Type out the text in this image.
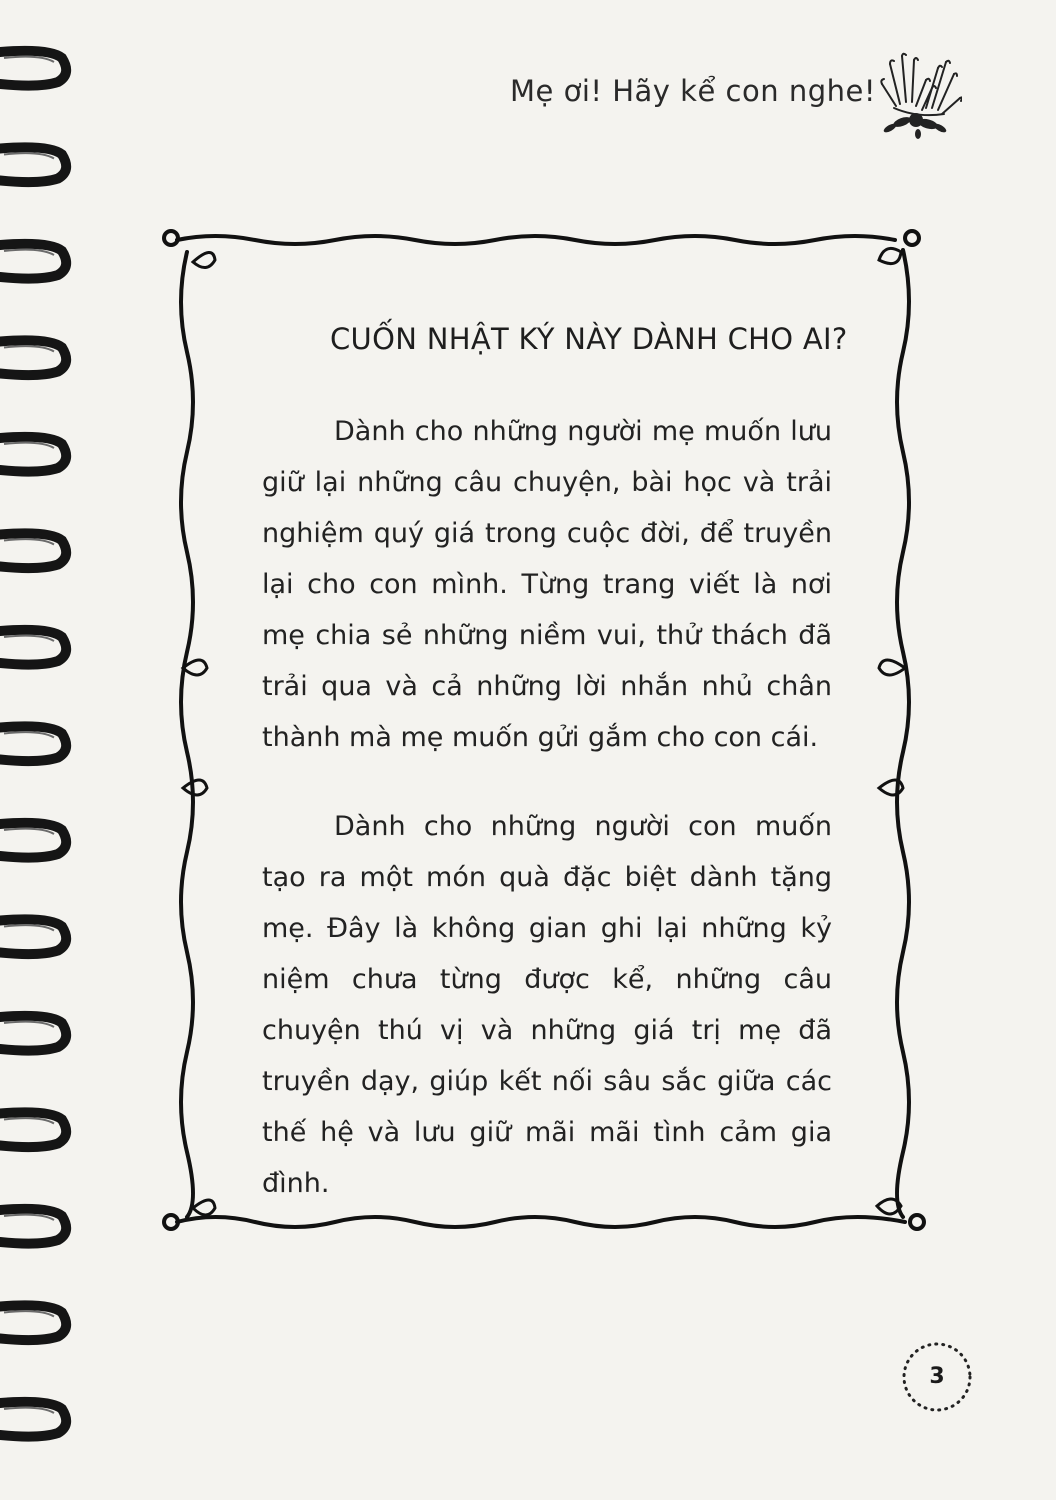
Mẹ ơi! Hãy kể con nghe!
CUỐN NHẬT KÝ NÀY DÀNH CHO AI?
Dành cho những người mẹ muốn lưu giữ lại những câu chuyện, bài học và trải nghiệm quý giá trong cuộc đời, để truyền lại cho con mình. Từng trang viết là nơi mẹ chia sẻ những niềm vui, thử thách đã trải qua và cả những lời nhắn nhủ chân thành mà mẹ muốn gửi gắm cho con cái.
Dành cho những người con muốn tạo ra một món quà đặc biệt dành tặng mẹ. Đây là không gian ghi lại những kỷ niệm chưa từng được kể, những câu chuyện thú vị và những giá trị mẹ đã truyền dạy, giúp kết nối sâu sắc giữa các thế hệ và lưu giữ mãi mãi tình cảm gia đình.
3
